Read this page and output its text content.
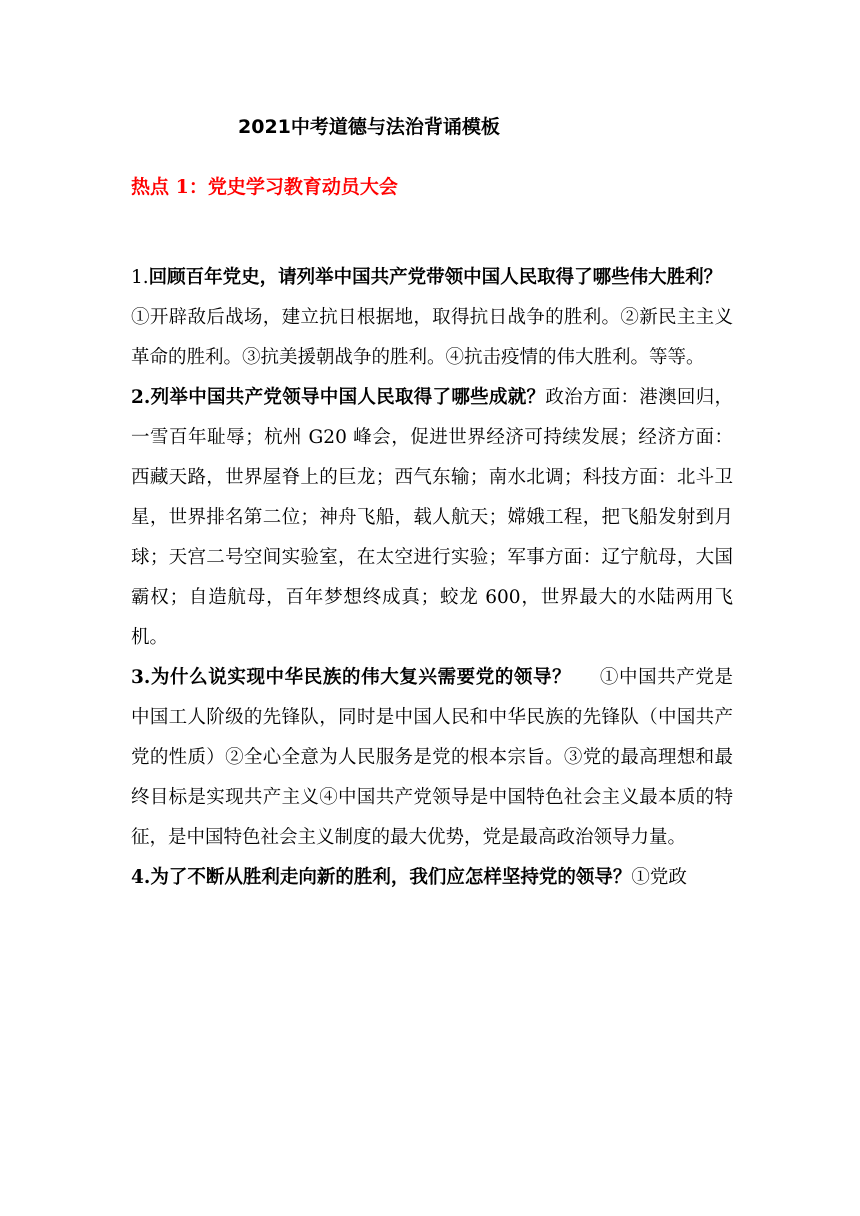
2021中考道德与法治背诵模板
热点 1：党史学习教育动员大会

1.回顾百年党史，请列举中国共产党带领中国人民取得了哪些伟大胜利？

①开辟敌后战场，建立抗日根据地，取得抗日战争的胜利。②新民主主义革命的胜利。③抗美援朝战争的胜利。④抗击疫情的伟大胜利。等等。

2.列举中国共产党领导中国人民取得了哪些成就？政治方面：港澳回归，一雪百年耻辱；杭州 G20 峰会，促进世界经济可持续发展；经济方面：西藏天路，世界屋脊上的巨龙；西气东输；南水北调；科技方面：北斗卫星，世界排名第二位；神舟飞船，载人航天；嫦娥工程，把飞船发射到月球；天宫二号空间实验室，在太空进行实验；军事方面：辽宁航母，大国霸权；自造航母，百年梦想终成真；蛟龙 600，世界最大的水陆两用飞机。

3.为什么说实现中华民族的伟大复兴需要党的领导？ ①中国共产党是中国工人阶级的先锋队，同时是中国人民和中华民族的先锋队（中国共产党的性质）②全心全意为人民服务是党的根本宗旨。③党的最高理想和最终目标是实现共产主义④中国共产党领导是中国特色社会主义最本质的特征，是中国特色社会主义制度的最大优势，党是最高政治领导力量。

4.为了不断从胜利走向新的胜利，我们应怎样坚持党的领导？①党政
